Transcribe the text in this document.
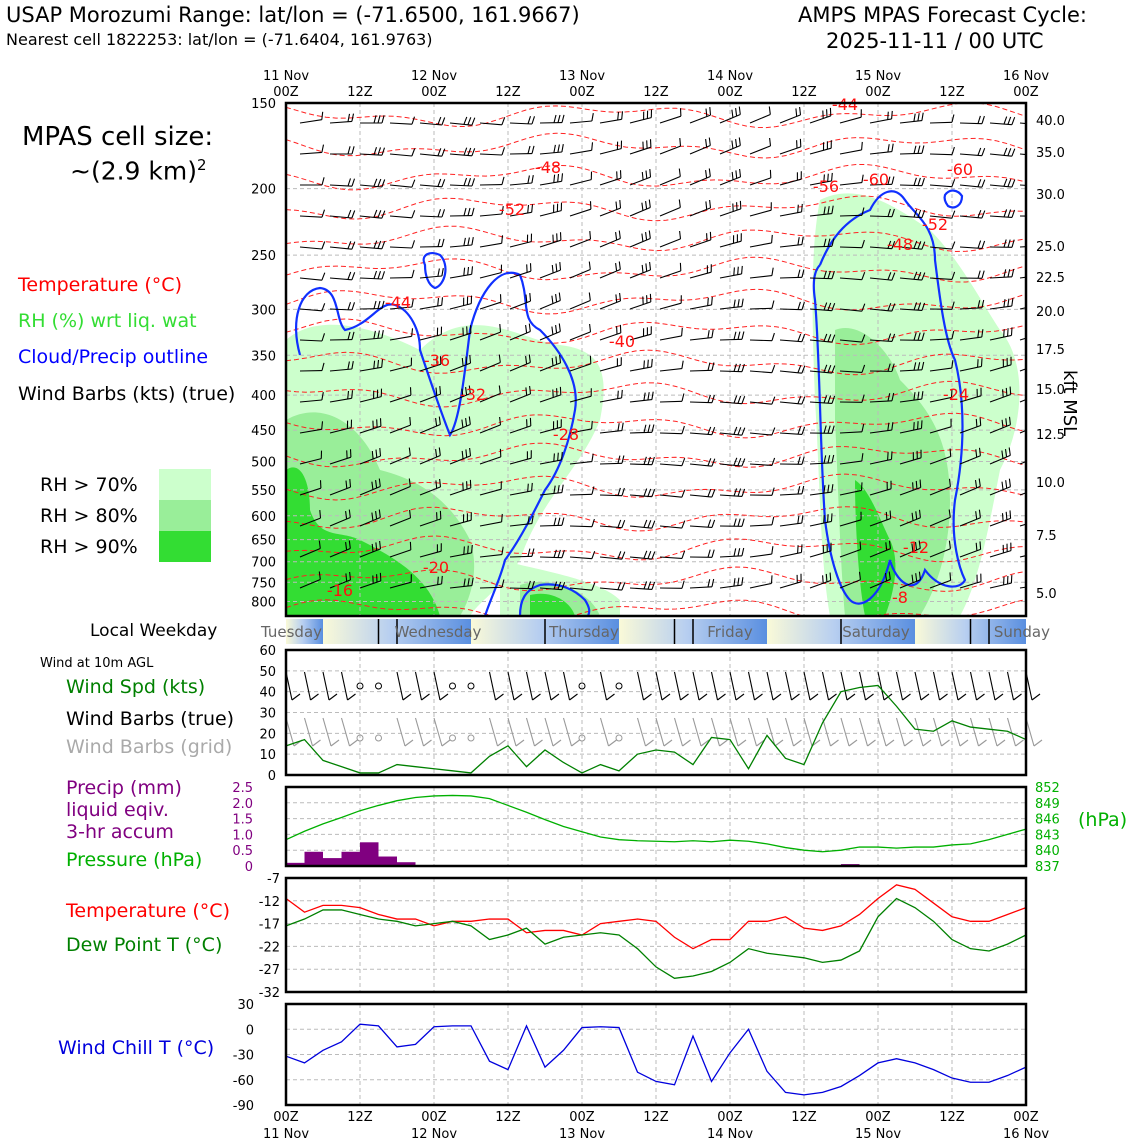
USAP Morozumi Range: lat/lon = (-71.6500, 161.9667)
Nearest cell 1822253: lat/lon = (-71.6404, 161.9763)
AMPS MPAS Forecast Cycle:
2025-11-11 / 00 UTC
MPAS cell size:
~(2.9 km)$^2$
Temperature (°C)
RH (%) wrt liq. wat
Cloud/Precip outline
Wind Barbs (kts) (true)
RH > 70%
RH > 80%
RH > 90%
Local Weekday
Wind at 10m AGL
Wind Spd (kts)
Wind Barbs (true)
Wind Barbs (grid)
Precip (mm)
liquid eqiv.
3-hr accum
Pressure (hPa)
(hPa)
Temperature (°C)
Dew Point T (°C)
Wind Chill T (°C)
-44
-48
-52
-56 -60
-60
-52
-48
-44
-40
-36
-32
-28
-24
-20
-16
-12
-8
150
200
250
300
350
400
450
500
550
600
650
700
750
800
40.0
35.0
30.0
25.0
22.5
20.0
17.5
15.0
12.5
10.0
7.5
5.0
11 Nov
00Z	12Z
12 Nov
00Z	12Z
13 Nov
00Z	12Z
14 Nov
00Z	12Z
15 Nov
00Z	12Z
16 Nov
00Z
Tuesday	Wednesday	Thursday	Friday	Saturday	Sunday
0
10
20
30
40
50
60
2.5
2.0
1.5
1.0
0.5
0
852
849
846
843
840
837
-7
-12
-17
-22
-27
-32
30
0
-30
-60
-90
00Z
11 Nov
12Z	00Z
12 Nov
12Z	00Z
13 Nov
12Z	00Z
14 Nov
12Z	00Z
15 Nov
12Z	00Z
16 Nov
kft MSL
